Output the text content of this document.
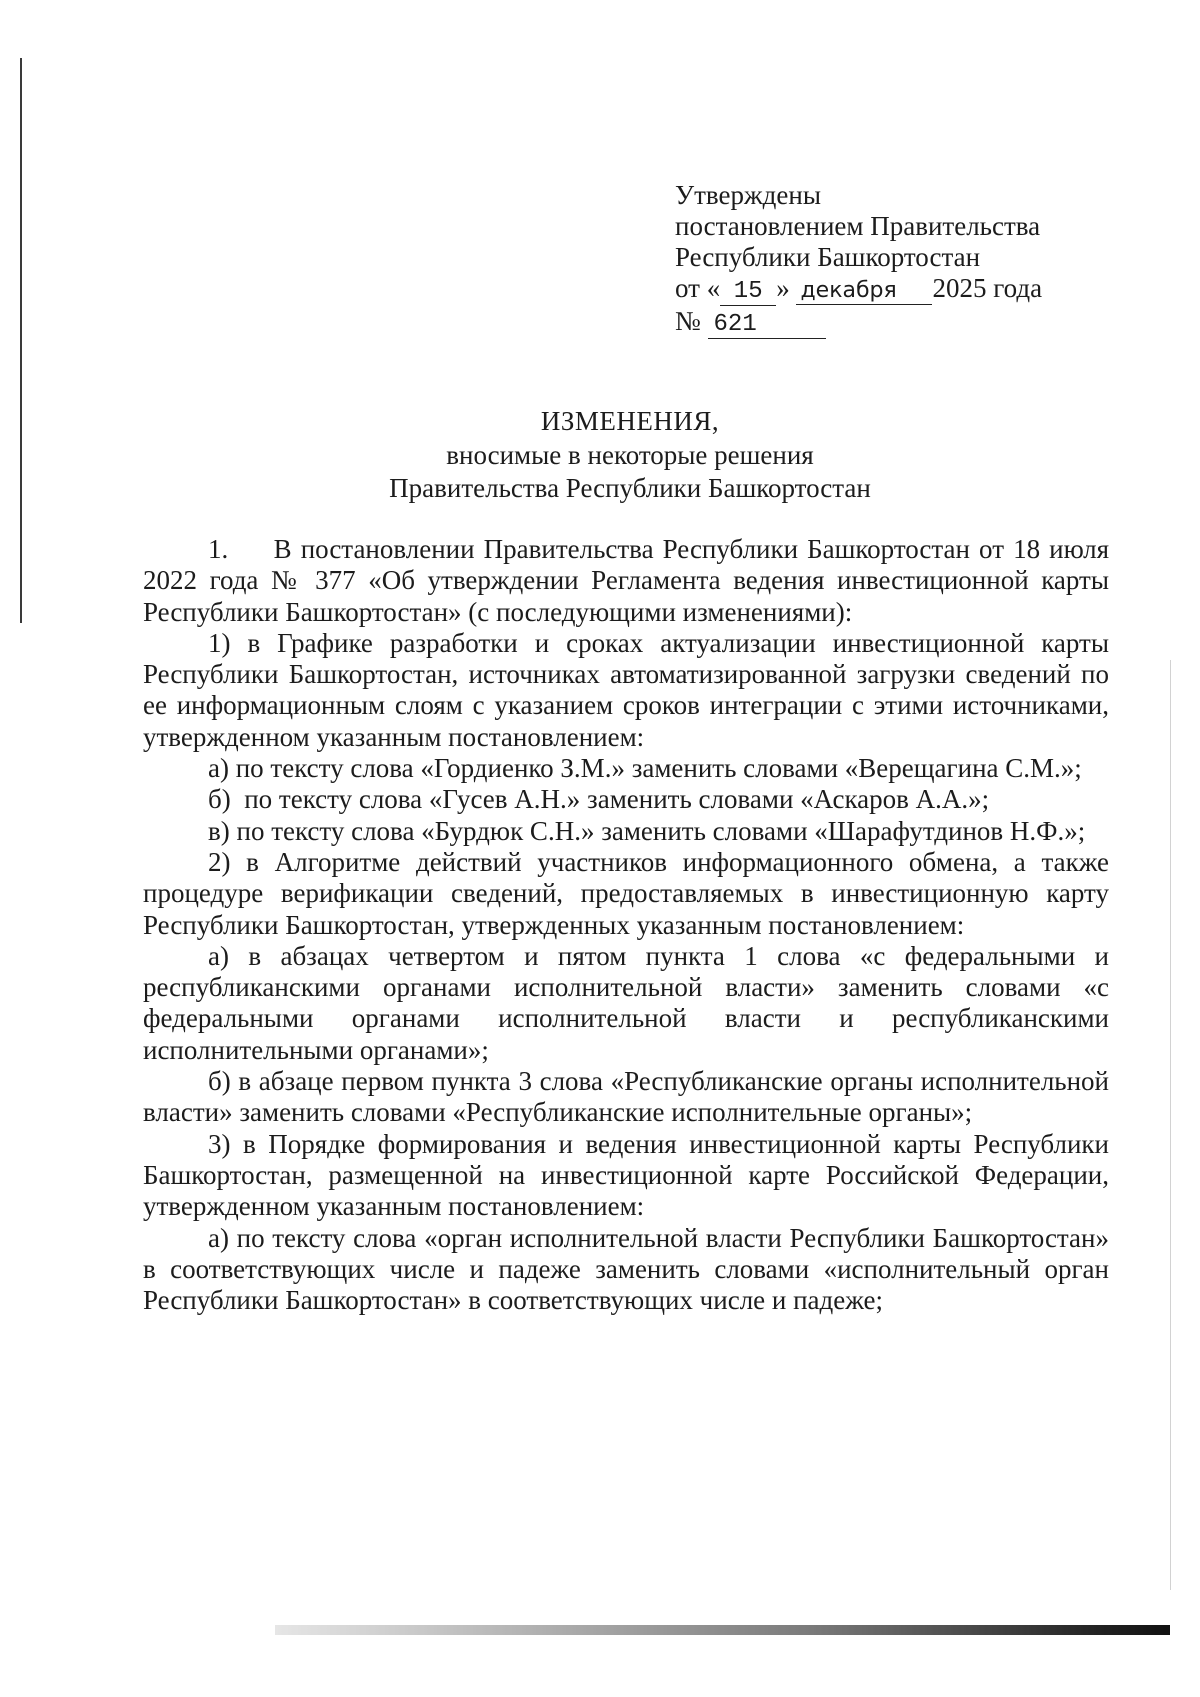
Утверждены
постановлением Правительства
Республики Башкортостан
от « 15 » декабря 2025 года
№ 621
ИЗМЕНЕНИЯ,
вносимые в некоторые решения
Правительства Республики Башкортостан

1.     В постановлении Правительства Республики Башкортостан от 18 июля 2022 года № 377 «Об утверждении Регламента ведения инвестиционной карты Республики Башкортостан» (с последующими изменениями):

1) в Графике разработки и сроках актуализации инвестиционной карты Республики Башкортостан, источниках автоматизированной загрузки сведений по ее информационным слоям с указанием сроков интеграции с этими источниками, утвержденном указанным постановлением:

а) по тексту слова «Гордиенко З.М.» заменить словами «Верещагина С.М.»;

б)  по тексту слова «Гусев А.Н.» заменить словами «Аскаров А.А.»;

в) по тексту слова «Бурдюк С.Н.» заменить словами «Шарафутдинов Н.Ф.»;

2) в Алгоритме действий участников информационного обмена, а также процедуре верификации сведений, предоставляемых в инвестиционную карту Республики Башкортостан, утвержденных указанным постановлением:

а) в абзацах четвертом и пятом пункта 1 слова «с федеральными и республиканскими органами исполнительной власти» заменить словами «с федеральными органами исполнительной власти и республиканскими исполнительными органами»;

б) в абзаце первом пункта 3 слова «Республиканские органы исполнительной власти» заменить словами «Республиканские исполнительные органы»;

3) в Порядке формирования и ведения инвестиционной карты Республики Башкортостан, размещенной на инвестиционной карте Российской Федерации, утвержденном указанным постановлением:

а) по тексту слова «орган исполнительной власти Республики Башкортостан» в соответствующих числе и падеже заменить словами «исполнительный орган Республики Башкортостан» в соответствующих числе и падеже;
